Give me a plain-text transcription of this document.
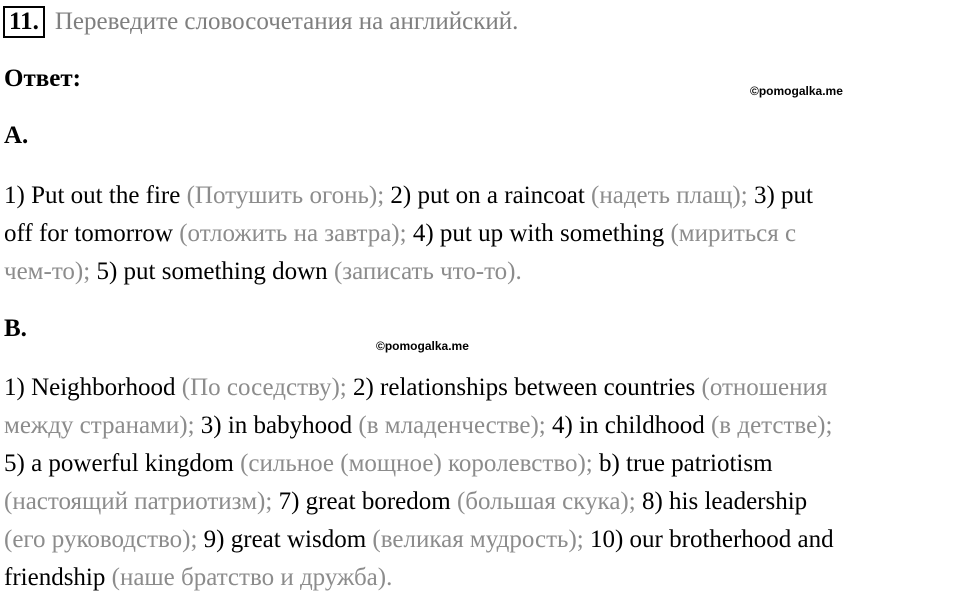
11. Переведите словосочетания на английский.
Ответ:	©pomogalka.me
A.
1) Put out the fire (Потушить огонь); 2) put on a raincoat (надеть плащ); 3) put
off for tomorrow (отложить на завтра); 4) put up with something (мириться с
чем-то); 5) put something down (записать что-то).
B.
©pomogalka.me
1) Neighborhood (По соседству); 2) relationships between countries (отношения
между странами); 3) in babyhood (в младенчестве); 4) in childhood (в детстве);
5) a powerful kingdom (сильное (мощное) королевство); b) true patriotism
(настоящий патриотизм); 7) great boredom (большая скука); 8) his leadership
(его руководство); 9) great wisdom (великая мудрость); 10) our brotherhood and
friendship (наше братство и дружба).
